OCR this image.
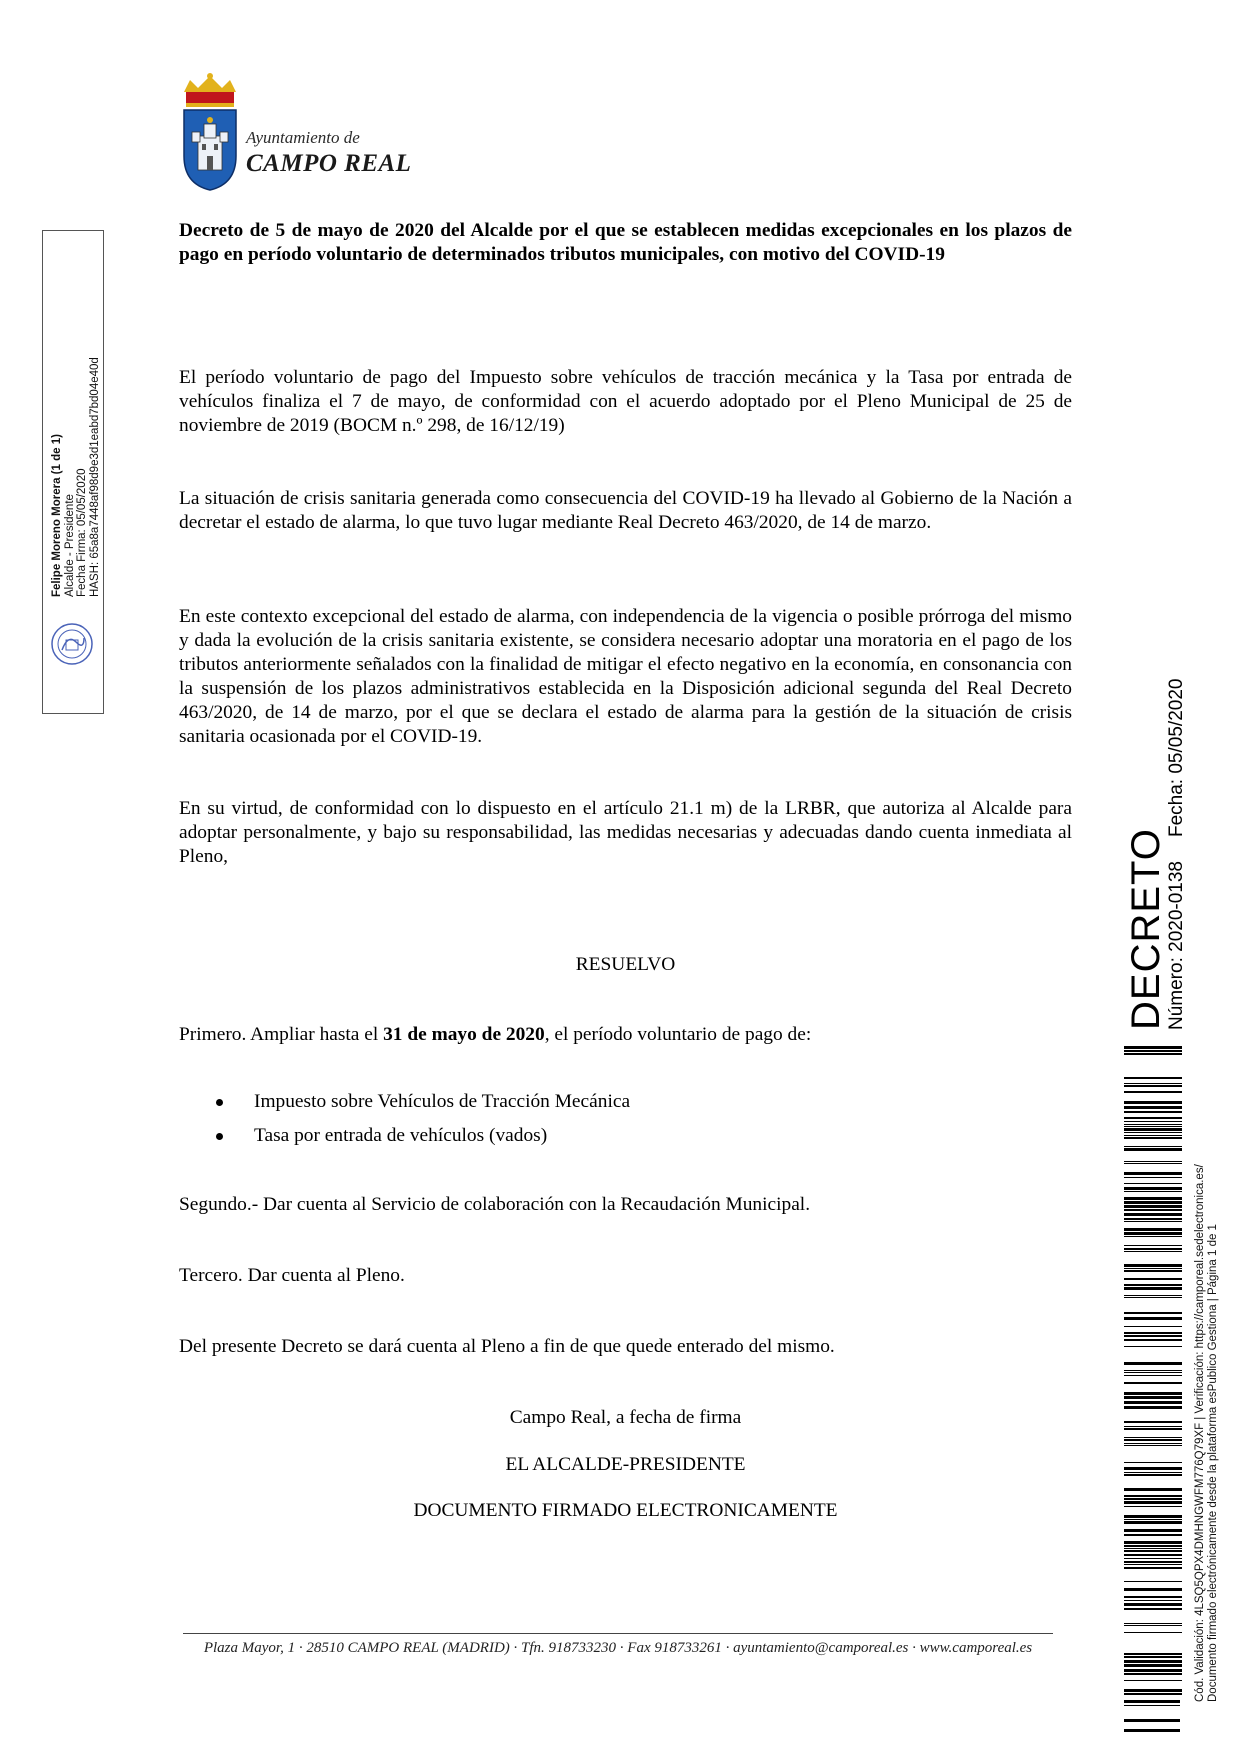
Ayuntamiento de
CAMPO REAL
Decreto de 5 de mayo de 2020 del Alcalde por el que se establecen medidas excepcionales en los plazos de pago en período voluntario de determinados tributos municipales, con motivo del COVID-19
El período voluntario de pago del Impuesto sobre vehículos de tracción mecánica y la Tasa por entrada de vehículos finaliza el 7 de mayo, de conformidad con el acuerdo adoptado por el Pleno Municipal de 25 de noviembre de 2019 (BOCM n.º 298, de 16/12/19)
La situación de crisis sanitaria generada como consecuencia del COVID-19 ha llevado al Gobierno de la Nación a decretar el estado de alarma, lo que tuvo lugar mediante Real Decreto 463/2020, de 14 de marzo.
En este contexto excepcional del estado de alarma, con independencia de la vigencia o posible prórroga del mismo y dada la evolución de la crisis sanitaria existente, se considera necesario adoptar una moratoria en el pago de los tributos anteriormente señalados con la finalidad de mitigar el efecto negativo en la economía, en consonancia con la suspensión de los plazos administrativos establecida en la Disposición adicional segunda del Real Decreto 463/2020, de 14 de marzo, por el que se declara el estado de alarma para la gestión de la situación de crisis sanitaria ocasionada por el COVID-19.
En su virtud, de conformidad con lo dispuesto en el artículo 21.1 m) de la LRBR, que autoriza al Alcalde para adoptar personalmente, y bajo su responsabilidad, las medidas necesarias y adecuadas dando cuenta inmediata al Pleno,
RESUELVO
Primero. Ampliar hasta el 31 de mayo de 2020, el período voluntario de pago de:
Impuesto sobre Vehículos de Tracción Mecánica
Tasa por entrada de vehículos (vados)
Segundo.- Dar cuenta al Servicio de colaboración con la Recaudación Municipal.
Tercero. Dar cuenta al Pleno.
Del presente Decreto se dará cuenta al Pleno a fin de que quede enterado del mismo.
Campo Real, a fecha de firma
EL ALCALDE-PRESIDENTE
DOCUMENTO FIRMADO ELECTRONICAMENTE
Plaza Mayor, 1 · 28510 CAMPO REAL (MADRID) · Tfn. 918733230 · Fax 918733261 · ayuntamiento@camporeal.es · www.camporeal.es
Felipe Moreno Morera (1 de 1) Alcalde - Presidente Fecha Firma: 05/05/2020 HASH: 65a8a7448af98d9e3d1eabd7bd04e40d
DECRETO
Número: 2020-0138Fecha: 05/05/2020
Cód. Validación: 4LSQ5QPX4DMHNGWFM776Q79XF | Verificación: https://camporeal.sedelectronica.es/ Documento firmado electrónicamente desde la plataforma esPublico Gestiona | Página 1 de 1
